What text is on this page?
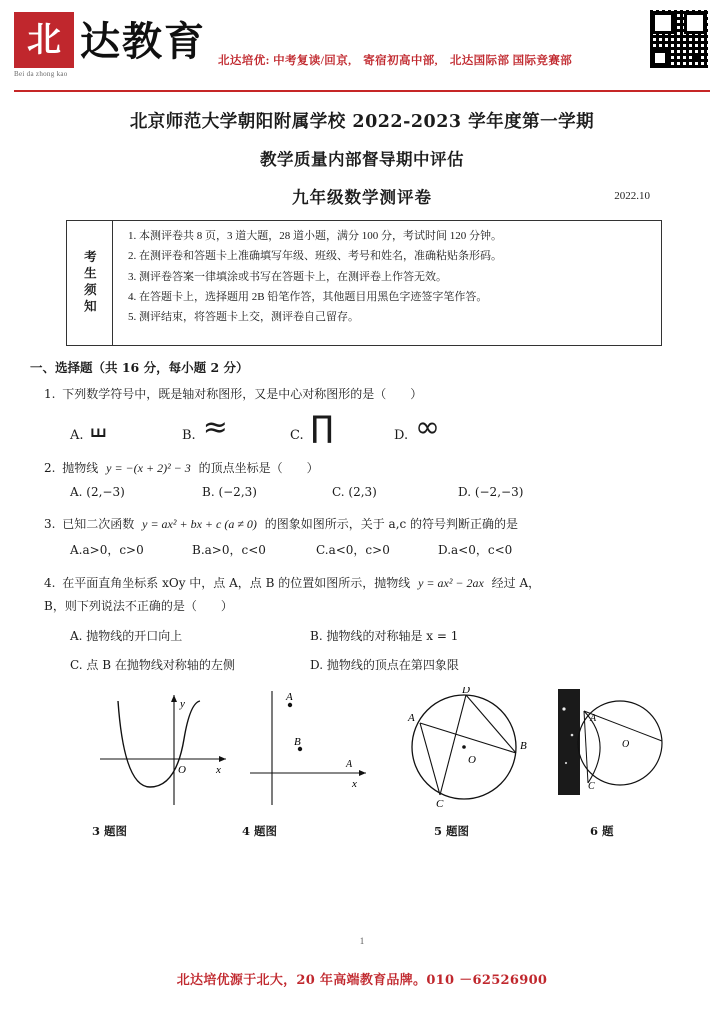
北
Bei da zhong kao
达教育 北达培优: 中考复读/回京,　寄宿初高中部,　北达国际部 国际竞赛部
北京师范大学朝阳附属学校 2022-2023 学年度第一学期
教学质量内部督导期中评估
九年级数学测评卷	2022.10
考生须知
1. 本测评卷共 8 页，3 道大题，28 道小题，满分 100 分，考试时间 120 分钟。
2. 在测评卷和答题卡上准确填写年级、班级、考号和姓名，准确粘贴条形码。
3. 测评卷答案一律填涂或书写在答题卡上，在测评卷上作答无效。
4. 在答题卡上，选择题用 2B 铅笔作答，其他题目用黑色字迹签字笔作答。
5. 测评结束，将答题卡上交，测评卷自己留存。
一、选择题（共 16 分，每小题 2 分）
1. 下列数学符号中，既是轴对称图形，又是中心对称图形的是（　　）
A. ⧢	B. ≈	C. ∏	D. ∞
2. 抛物线 y = −(x + 2)² − 3 的顶点坐标是（　　）
A. (2,−3)	B. (−2,3)	C. (2,3)	D. (−2,−3)
3. 已知二次函数 y = ax² + bx + c (a ≠ 0) 的图象如图所示，关于 a,c 的符号判断正确的是
A.a>0，c>0	B.a>0，c<0	C.a<0，c>0	D.a<0，c<0
4. 在平面直角坐标系 xOy 中，点 A，点 B 的位置如图所示，抛物线 y = ax² − 2ax 经过 A，
B，则下列说法不正确的是（　　）
A. 抛物线的开口向上	B. 抛物线的对称轴是 x = 1
C. 点 B 在抛物线对称轴的左侧	D. 抛物线的顶点在第四象限
y
x
O
3 题图
A
B
x
A
4 题图
D
A
B
C
O
5 题图
A
O
C
6 题
1
北达培优源于北大，20 年高端教育品牌。010 －62526900
